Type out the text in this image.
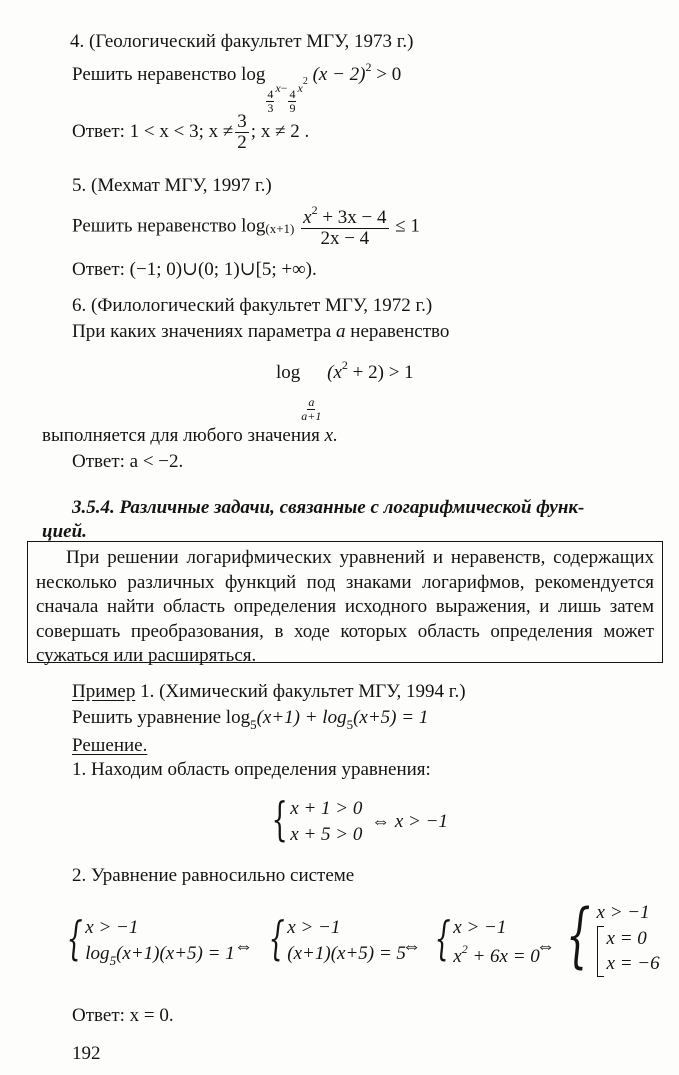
4. (Геологический факультет МГУ, 1973 г.)
Решить неравенство log
$\frac{4}{3} _{x-} \frac{4}{9} _{x2}$ $(x - 2)^2 > 0$
Ответ: 1 < x < 3; $x \ne \frac{3}{2}$ ; x ≠ 2 .
5. (Мехмат МГУ, 1997 г.)
Решить неравенство $\log(x+1) \frac{x^2 + 3x - 4}{2x - 4} \le 1$
Ответ: (−1; 0)∪(0; 1)∪[5; +∞).
6. (Филологический факультет МГУ, 1972 г.)
При каких значениях параметра a неравенство
log
$\frac{a}{a+1}$
$(x^2 + 2) > 1$
выполняется для любого значения x.
Ответ: a < −2.
3.5.4. Различные задачи, связанные с логарифмической функ-
цией.

При решении логарифмических уравнений и неравенств, содержащих несколько различных функций под знаками логарифмов, рекомендуется сначала найти область определения исходного выражения, и лишь затем совершать преобразования, в ходе которых область определения может сужаться или расширяться.

Пример 1. (Химический факультет МГУ, 1994 г.)
Решить уравнение $\log_5(x+1) + \log_5(x+5) = 1$
Решение.
1. Находим область определения уравнения:
{ x + 1 > 0
x + 5 > 0
⇔ x > −1
2. Уравнение равносильно системе
{ x > −1
$\log_5(x+1)(x+5) = 1$ ⇔ { x > −1
(x+1)(x+5) = 5
⇔ { x > −1
$x^2 + 6x = 0$
⇔ { x > −1
x = 0
x = −6
Ответ: x = 0.
192
